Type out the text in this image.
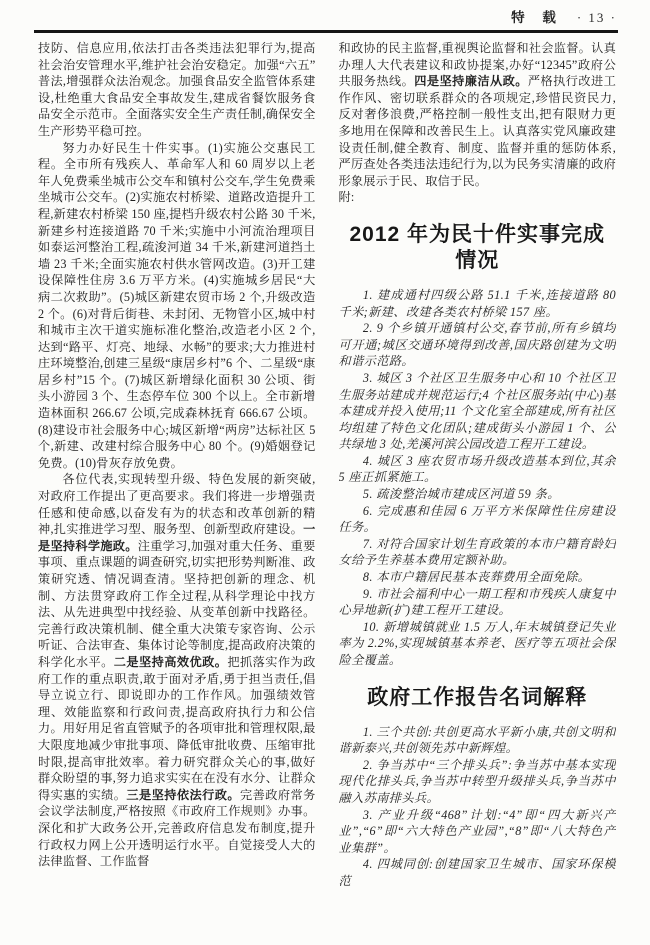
特 载 · 13 ·

技防、信息应用,依法打击各类违法犯罪行为,提高社会治安管理水平,维护社会治安稳定。加强“六五”普法,增强群众法治观念。加强食品安全监管体系建设,杜绝重大食品安全事故发生,建成省餐饮服务食品安全示范市。全面落实安全生产责任制,确保安全生产形势平稳可控。

努力办好民生十件实事。(1)实施公交惠民工程。全市所有残疾人、革命军人和 60 周岁以上老年人免费乘坐城市公交车和镇村公交车,学生免费乘坐城市公交车。(2)实施农村桥梁、道路改造提升工程,新建农村桥梁 150 座,提档升级农村公路 30 千米,新建乡村连接道路 70 千米;实施中小河流治理项目如泰运河整治工程,疏浚河道 34 千米,新建河道挡土墙 23 千米;全面实施农村供水管网改造。(3)开工建设保障性住房 3.6 万平方米。(4)实施城乡居民“大病二次救助”。(5)城区新建农贸市场 2 个,升级改造 2 个。(6)对背后街巷、未封闭、无物管小区,城中村和城市主次干道实施标准化整治,改造老小区 2 个,达到“路平、灯亮、地绿、水畅”的要求;大力推进村庄环境整治,创建三星级“康居乡村”6 个、二星级“康居乡村”15 个。(7)城区新增绿化面积 30 公顷、街头小游园 3 个、生态停车位 300 个以上。全市新增造林面积 266.67 公顷,完成森林抚育 666.67 公顷。(8)建设市社会服务中心;城区新增“两房”达标社区 5 个,新建、改建村综合服务中心 80 个。(9)婚姻登记免费。(10)骨灰存放免费。

各位代表,实现转型升级、特色发展的新突破,对政府工作提出了更高要求。我们将进一步增强责任感和使命感,以奋发有为的状态和改革创新的精神,扎实推进学习型、服务型、创新型政府建设。一是坚持科学施政。注重学习,加强对重大任务、重要事项、重点课题的调查研究,切实把形势判断准、政策研究透、情况调查清。坚持把创新的理念、机制、方法贯穿政府工作全过程,从科学理论中找方法、从先进典型中找经验、从变革创新中找路径。完善行政决策机制、健全重大决策专家咨询、公示听证、合法审查、集体讨论等制度,提高政府决策的科学化水平。二是坚持高效优政。把抓落实作为政府工作的重点职责,敢于面对矛盾,勇于担当责任,倡导立说立行、即说即办的工作作风。加强绩效管理、效能监察和行政问责,提高政府执行力和公信力。用好用足省直管赋予的各项审批和管理权限,最大限度地减少审批事项、降低审批收费、压缩审批时限,提高审批效率。着力研究群众关心的事,做好群众盼望的事,努力追求实实在在没有水分、让群众得实惠的实绩。三是坚持依法行政。完善政府常务会议学法制度,严格按照《市政府工作规则》办事。深化和扩大政务公开,完善政府信息发布制度,提升行政权力网上公开透明运行水平。自觉接受人大的法律监督、工作监督

和政协的民主监督,重视舆论监督和社会监督。认真办理人大代表建议和政协提案,办好“12345”政府公共服务热线。四是坚持廉洁从政。严格执行改进工作作风、密切联系群众的各项规定,珍惜民资民力,反对奢侈浪费,严格控制一般性支出,把有限财力更多地用在保障和改善民生上。认真落实党风廉政建设责任制,健全教育、制度、监督并重的惩防体系,严厉查处各类违法违纪行为,以为民务实清廉的政府形象展示于民、取信于民。

附:

2012 年为民十件实事完成情况

1. 建成通村四级公路 51.1 千米,连接道路 80 千米;新建、改建各类农村桥梁 157 座。

2. 9 个乡镇开通镇村公交,春节前,所有乡镇均可开通;城区交通环境得到改善,国庆路创建为文明和谐示范路。

3. 城区 3 个社区卫生服务中心和 10 个社区卫生服务站建成并规范运行;4 个社区服务站(中心)基本建成并投入使用;11 个文化室全部建成,所有社区均组建了特色文化团队;建成街头小游园 1 个、公共绿地 3 处,羌溪河滨公园改造工程开工建设。

4. 城区 3 座农贸市场升级改造基本到位,其余 5 座正抓紧施工。

5. 疏浚整治城市建成区河道 59 条。

6. 完成惠和佳园 6 万平方米保障性住房建设任务。

7. 对符合国家计划生育政策的本市户籍育龄妇女给予生养基本费用定额补助。

8. 本市户籍居民基本丧葬费用全面免除。

9. 市社会福利中心一期工程和市残疾人康复中心异地新(扩)建工程开工建设。

10. 新增城镇就业 1.5 万人,年末城镇登记失业率为 2.2%,实现城镇基本养老、医疗等五项社会保险全覆盖。

政府工作报告名词解释

1. 三个共创:共创更高水平新小康,共创文明和谐新泰兴,共创领先苏中新辉煌。

2. 争当苏中“三个排头兵”:争当苏中基本实现现代化排头兵,争当苏中转型升级排头兵,争当苏中融入苏南排头兵。

3. 产业升级“468”计划:“4”即“四大新兴产业”,“6”即“六大特色产业园”,“8”即“八大特色产业集群”。

4. 四城同创:创建国家卫生城市、国家环保模范
